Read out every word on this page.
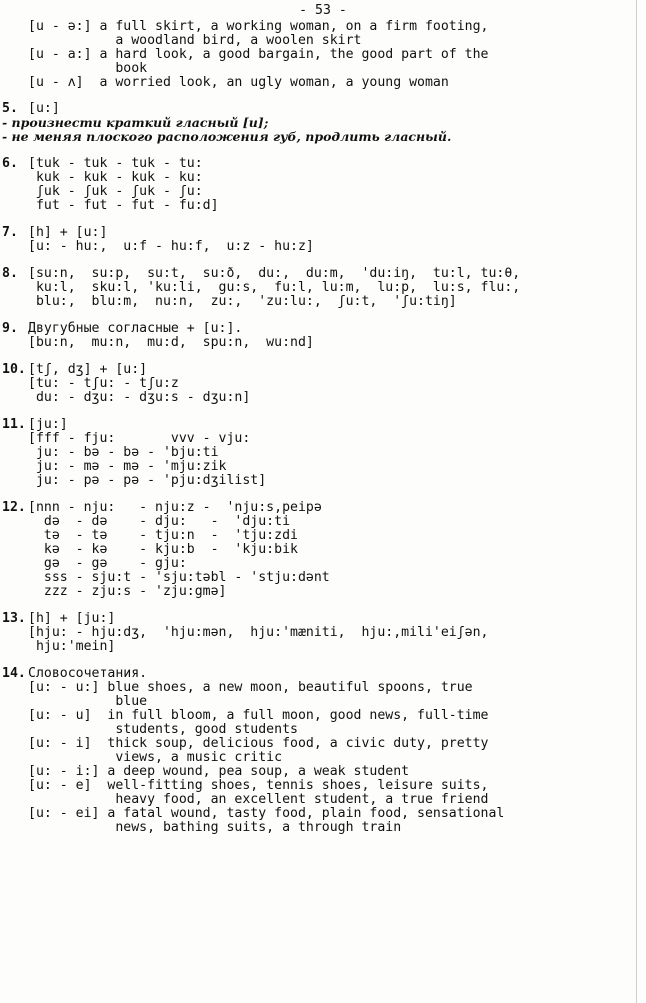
- 53 -
[u - ə:] a full skirt, a working woman, on a firm footing,
a woodland bird, a woolen skirt
[u - a:] a hard look, a good bargain, the good part of the
book
[u - ʌ]  a worried look, an ugly woman, a young woman
5. [u:]
- произнести краткий гласный [u];
- не меняя плоского расположения губ, продлить гласный.
6. [tuk - tuk - tuk - tu:
kuk - kuk - kuk - ku:
ʃuk - ʃuk - ʃuk - ʃu:
fut - fut - fut - fu:d]
7. [h] + [u:]
[u: - hu:,  u:f - hu:f,  u:z - hu:z]
8. [su:n,  su:p,  su:t,  su:ð,  du:,  du:m,  'du:iŋ,  tu:l, tu:θ,
ku:l,  sku:l, 'ku:li,  gu:s,  fu:l, lu:m,  lu:p,  lu:s, flu:,
blu:,  blu:m,  nu:n,  zu:,  'zu:lu:,  ʃu:t,  'ʃu:tiŋ]
9. Двугубные согласные + [u:].
[bu:n,  mu:n,  mu:d,  spu:n,  wu:nd]
10. [tʃ, dʒ] + [u:]
[tu: - tʃu: - tʃu:z
du: - dʒu: - dʒu:s - dʒu:n]
11. [ju:]
[fff - fju:       vvv - vju:
ju: - bə - bə - 'bju:ti
ju: - mə - mə - 'mju:zik
ju: - pə - pə - 'pju:dʒilist]
12. [nnn - nju:   - nju:z -  'nju:s,peipə
də  - də    - dju:   -  'dju:ti
tə  - tə    - tju:n  -  'tju:zdi
kə  - kə    - kju:b  -  'kju:bik
gə  - gə    - gju:
sss - sju:t - 'sju:təbl - 'stju:dənt
zzz - zju:s - 'zju:gmə]
13. [h] + [ju:]
[hju: - hju:dʒ,  'hju:mən,  hju:'mæniti,  hju:,mili'eiʃən,
hju:'mein]
14. Словосочетания.
[u: - u:] blue shoes, a new moon, beautiful spoons, true
blue
[u: - u]  in full bloom, a full moon, good news, full-time
students, good students
[u: - i]  thick soup, delicious food, a civic duty, pretty
views, a music critic
[u: - i:] a deep wound, pea soup, a weak student
[u: - e]  well-fitting shoes, tennis shoes, leisure suits,
heavy food, an excellent student, a true friend
[u: - ei] a fatal wound, tasty food, plain food, sensational
news, bathing suits, a through train
